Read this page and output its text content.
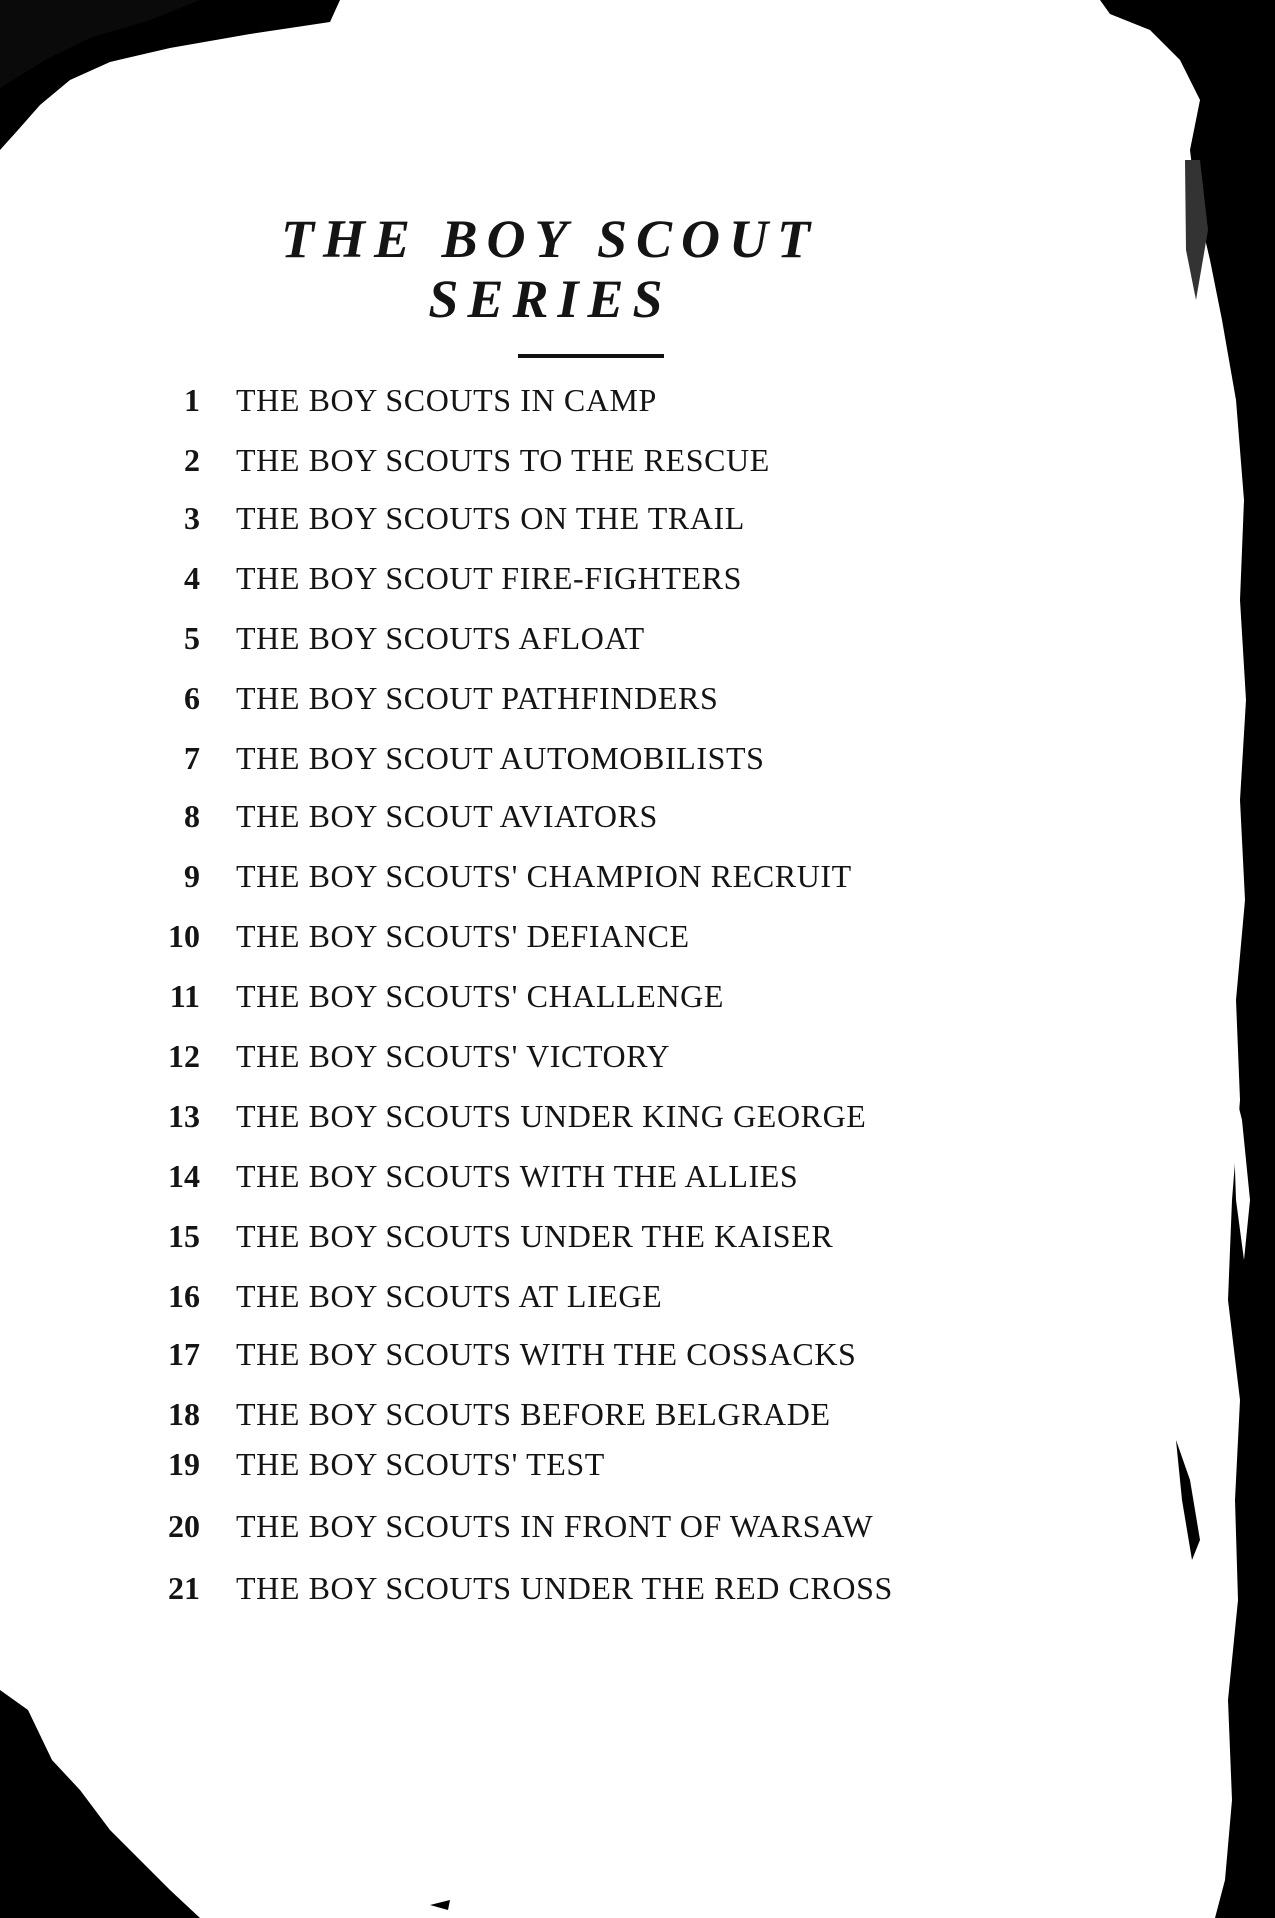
THE BOY SCOUT
SERIES
1 THE BOY SCOUTS IN CAMP
2 THE BOY SCOUTS TO THE RESCUE
3 THE BOY SCOUTS ON THE TRAIL
4 THE BOY SCOUT FIRE-FIGHTERS
5 THE BOY SCOUTS AFLOAT
6 THE BOY SCOUT PATHFINDERS
7 THE BOY SCOUT AUTOMOBILISTS
8 THE BOY SCOUT AVIATORS
9 THE BOY SCOUTS' CHAMPION RECRUIT
10 THE BOY SCOUTS' DEFIANCE
11 THE BOY SCOUTS' CHALLENGE
12 THE BOY SCOUTS' VICTORY
13 THE BOY SCOUTS UNDER KING GEORGE
14 THE BOY SCOUTS WITH THE ALLIES
15 THE BOY SCOUTS UNDER THE KAISER
16 THE BOY SCOUTS AT LIEGE
17 THE BOY SCOUTS WITH THE COSSACKS
18 THE BOY SCOUTS BEFORE BELGRADE
19 THE BOY SCOUTS' TEST
20 THE BOY SCOUTS IN FRONT OF WARSAW
21 THE BOY SCOUTS UNDER THE RED CROSS
